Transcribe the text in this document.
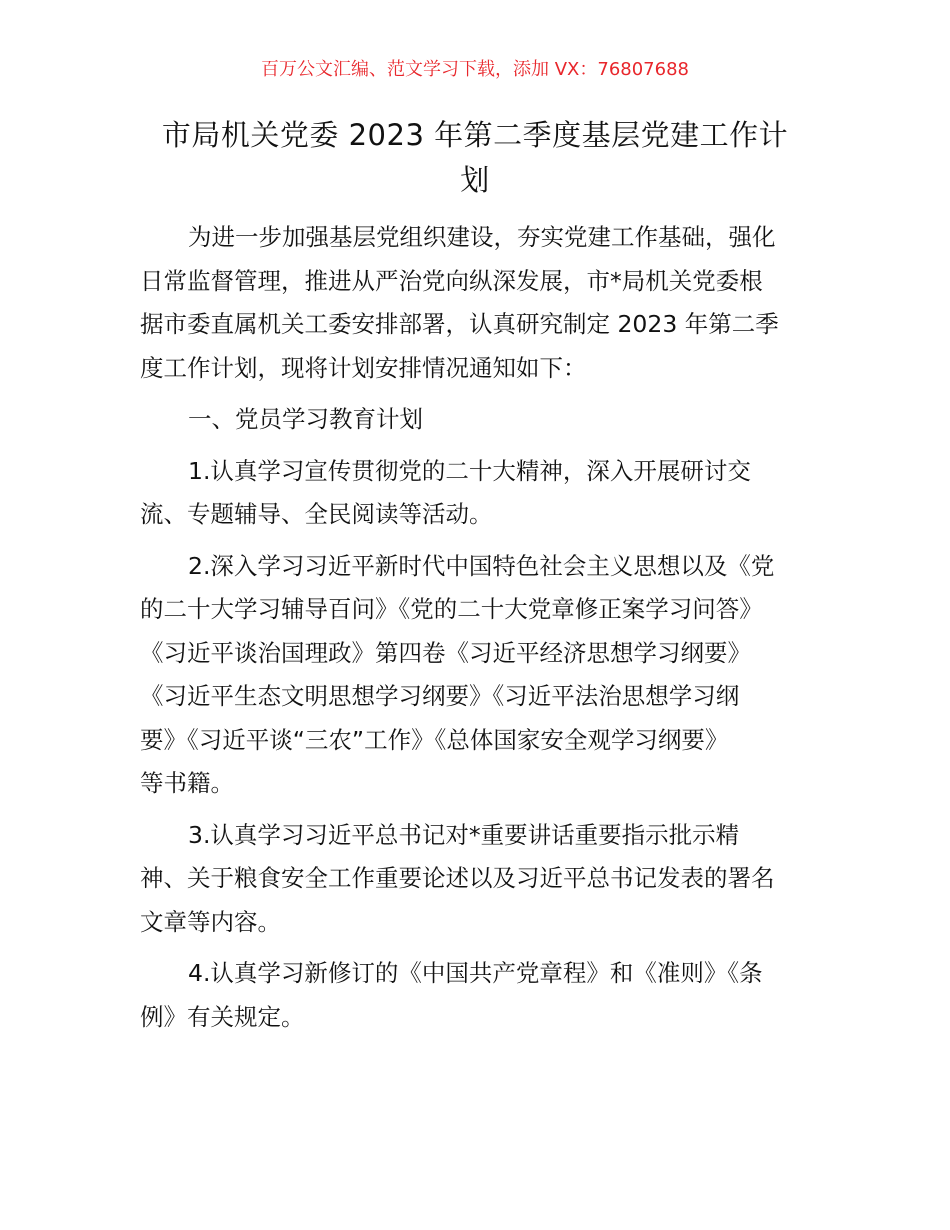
百万公文汇编、范文学习下载，添加 VX：76807688
市局机关党委 2023 年第二季度基层党建工作计
划
为进一步加强基层党组织建设，夯实党建工作基础，强化
日常监督管理，推进从严治党向纵深发展，市*局机关党委根
据市委直属机关工委安排部署，认真研究制定 2023 年第二季
度工作计划，现将计划安排情况通知如下：
一、党员学习教育计划
1.认真学习宣传贯彻党的二十大精神，深入开展研讨交
流、专题辅导、全民阅读等活动。
2.深入学习习近平新时代中国特色社会主义思想以及《党
的二十大学习辅导百问》《党的二十大党章修正案学习问答》
《习近平谈治国理政》第四卷《习近平经济思想学习纲要》
《习近平生态文明思想学习纲要》《习近平法治思想学习纲
要》《习近平谈“三农”工作》《总体国家安全观学习纲要》
等书籍。
3.认真学习习近平总书记对*重要讲话重要指示批示精
神、关于粮食安全工作重要论述以及习近平总书记发表的署名
文章等内容。
4.认真学习新修订的《中国共产党章程》和《准则》《条
例》有关规定。
